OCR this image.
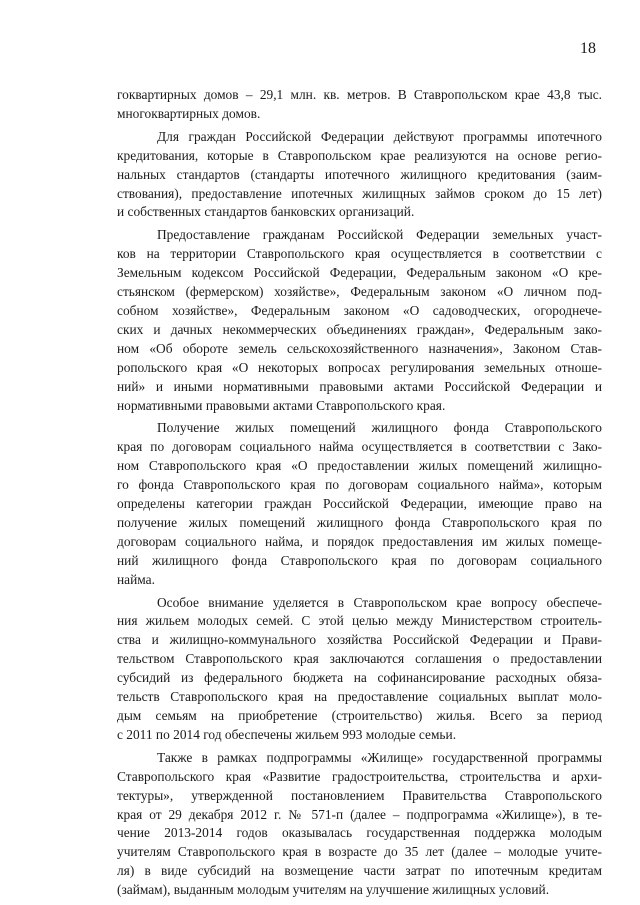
18
гоквартирных домов – 29,1 млн. кв. метров. В Ставропольском крае 43,8 тыс.
многоквартирных домов.
Для граждан Российской Федерации действуют программы ипотечного
кредитования, которые в Ставропольском крае реализуются на основе регио-
нальных стандартов (стандарты ипотечного жилищного кредитования (заим-
ствования), предоставление ипотечных жилищных займов сроком до 15 лет)
и собственных стандартов банковских организаций.
Предоставление гражданам Российской Федерации земельных участ-
ков на территории Ставропольского края осуществляется в соответствии с
Земельным кодексом Российской Федерации, Федеральным законом «О кре-
стьянском (фермерском) хозяйстве», Федеральным законом «О личном под-
собном хозяйстве», Федеральным законом «О садоводческих, огороднече-
ских и дачных некоммерческих объединениях граждан», Федеральным зако-
ном «Об обороте земель сельскохозяйственного назначения», Законом Став-
ропольского края «О некоторых вопросах регулирования земельных отноше-
ний» и иными нормативными правовыми актами Российской Федерации и
нормативными правовыми актами Ставропольского края.
Получение жилых помещений жилищного фонда Ставропольского
края по договорам социального найма осуществляется в соответствии с Зако-
ном Ставропольского края «О предоставлении жилых помещений жилищно-
го фонда Ставропольского края по договорам социального найма», которым
определены категории граждан Российской Федерации, имеющие право на
получение жилых помещений жилищного фонда Ставропольского края по
договорам социального найма, и порядок предоставления им жилых помеще-
ний жилищного фонда Ставропольского края по договорам социального
найма.
Особое внимание уделяется в Ставропольском крае вопросу обеспече-
ния жильем молодых семей. С этой целью между Министерством строитель-
ства и жилищно-коммунального хозяйства Российской Федерации и Прави-
тельством Ставропольского края заключаются соглашения о предоставлении
субсидий из федерального бюджета на софинансирование расходных обяза-
тельств Ставропольского края на предоставление социальных выплат моло-
дым семьям на приобретение (строительство) жилья. Всего за период
с 2011 по 2014 год обеспечены жильем 993 молодые семьи.
Также в рамках подпрограммы «Жилище» государственной программы
Ставропольского края «Развитие градостроительства, строительства и архи-
тектуры», утвержденной постановлением Правительства Ставропольского
края от 29 декабря 2012 г. № 571-п (далее – подпрограмма «Жилище»), в те-
чение 2013-2014 годов оказывалась государственная поддержка молодым
учителям Ставропольского края в возрасте до 35 лет (далее – молодые учите-
ля) в виде субсидий на возмещение части затрат по ипотечным кредитам
(займам), выданным молодым учителям на улучшение жилищных условий.
